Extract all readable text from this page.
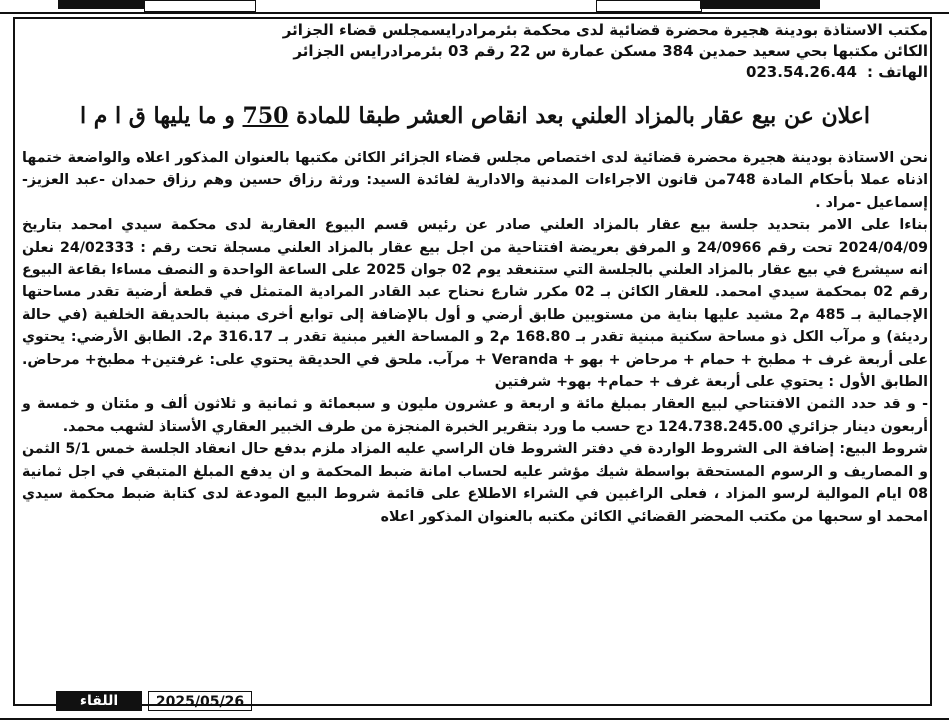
مكتب الاستاذة بودينة هجيرة محضرة قضائية لدى محكمة بئرمرادرايسمجلس قضاء الجزائر

الكائن مكتبها بحي سعيد حمدين 384 مسكن عمارة س 22 رقم 03 بئرمرادرايس الجزائر

الهاتف :
023.54.26.44

اعلان عن بيع عقار بالمزاد العلني بعد انقاص العشر طبقا للمادة 750 و ما يليها ق ا م ا

نحن الاستاذة بودينة هجيرة محضرة قضائية لدى اختصاص مجلس قضاء الجزائر الكائن مكتبها بالعنوان المذكور اعلاه والواضعة ختمها اذناه عملا بأحكام المادة 748من قانون الاجراءات المدنية والادارية لفائدة السيد: ورثة رزاق حسين وهم رزاق حمدان -عبد العزيز-إسماعيل -مراد .

بناءا على الامر بتحديد جلسة بيع عقار بالمزاد العلني صادر عن رئيس قسم البيوع العقارية لدى محكمة سيدي امحمد بتاريخ 2024/04/09 تحت رقم 24/0966 و المرفق بعريضة افتتاحية من اجل بيع عقار بالمزاد العلني مسجلة تحت رقم : 24/02333 نعلن انه سيشرع في بيع عقار بالمزاد العلني بالجلسة التي ستنعقد يوم 02 جوان 2025 على الساعة الواحدة و النصف مساءا بقاعة البيوع رقم 02 بمحكمة سيدي امحمد. للعقار الكائن بـ 02 مكرر شارع نحناح عبد القادر المرادية المتمثل في قطعة أرضية تقدر مساحتها الإجمالية بـ 485 م2 مشيد عليها بناية من مستويين طابق أرضي و أول بالإضافة إلى توابع أخرى مبنية بالحديقة الخلفية (في حالة رديئة) و مرآب الكل ذو مساحة سكنية مبنية تقدر بـ 168.80 م2 و المساحة الغير مبنية تقدر بـ 316.17 م2. الطابق الأرضي: يحتوي على أربعة غرف + مطبخ + حمام + مرحاض + بهو + Veranda + مرآب. ملحق في الحديقة يحتوي على: غرفتين+ مطبخ+ مرحاض. الطابق الأول : يحتوي على أربعة غرف + حمام+ بهو+ شرفتين

- و قد حدد الثمن الافتتاحي لبيع العقار بمبلغ مائة و اربعة و عشرون مليون و سبعمائة و ثمانية و ثلاثون ألف و مئتان و خمسة و أربعون دينار جزائري 124.738.245.00 دج حسب ما ورد بتقرير الخبرة المنجزة من طرف الخبير العقاري الأستاذ لشهب محمد.

شروط البيع: إضافة الى الشروط الواردة في دفتر الشروط فان الراسي عليه المزاد ملزم بدفع حال انعقاد الجلسة خمس 5/1 الثمن و المصاريف و الرسوم المستحقة بواسطة شيك مؤشر عليه لحساب امانة ضبط المحكمة و ان يدفع المبلغ المتبقي في اجل ثمانية 08 ايام الموالية لرسو المزاد ، فعلى الراغبين في الشراء الاطلاع على قائمة شروط البيع المودعة لدى كتابة ضبط محكمة سيدي امحمد او سحبها من مكتب المحضر القضائي الكائن مكتبه بالعنوان المذكور اعلاه

اللقاء	2025/05/26
